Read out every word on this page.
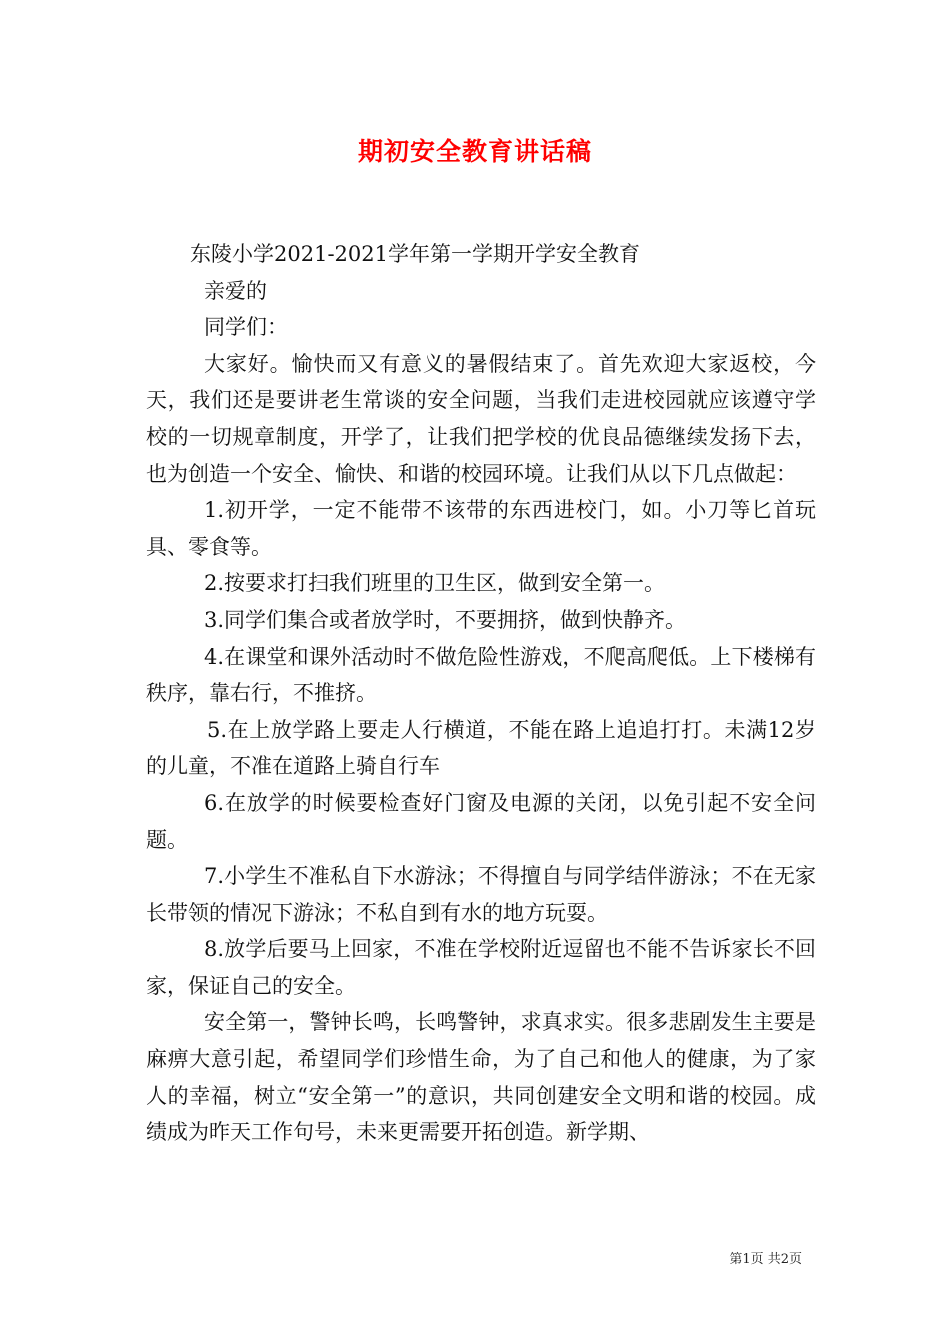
期初安全教育讲话稿

东陵小学2021-2021学年第一学期开学安全教育

亲爱的

同学们：

大家好。愉快而又有意义的暑假结束了。首先欢迎大家返校，今天，我们还是要讲老生常谈的安全问题，当我们走进校园就应该遵守学校的一切规章制度，开学了，让我们把学校的优良品德继续发扬下去，也为创造一个安全、愉快、和谐的校园环境。让我们从以下几点做起：

1.初开学，一定不能带不该带的东西进校门，如。小刀等匕首玩具、零食等。

2.按要求打扫我们班里的卫生区，做到安全第一。

3.同学们集合或者放学时，不要拥挤，做到快静齐。

4.在课堂和课外活动时不做危险性游戏，不爬高爬低。上下楼梯有秩序，靠右行，不推挤。

5.在上放学路上要走人行横道，不能在路上追追打打。未满12岁的儿童，不准在道路上骑自行车

6.在放学的时候要检查好门窗及电源的关闭，以免引起不安全问题。

7.小学生不准私自下水游泳；不得擅自与同学结伴游泳；不在无家长带领的情况下游泳；不私自到有水的地方玩耍。

8.放学后要马上回家，不准在学校附近逗留也不能不告诉家长不回家，保证自己的安全。

安全第一，警钟长鸣，长鸣警钟，求真求实。很多悲剧发生主要是麻痹大意引起，希望同学们珍惜生命，为了自己和他人的健康，为了家人的幸福，树立“安全第一”的意识，共同创建安全文明和谐的校园。成绩成为昨天工作句号，未来更需要开拓创造。新学期、

第1页 共2页
